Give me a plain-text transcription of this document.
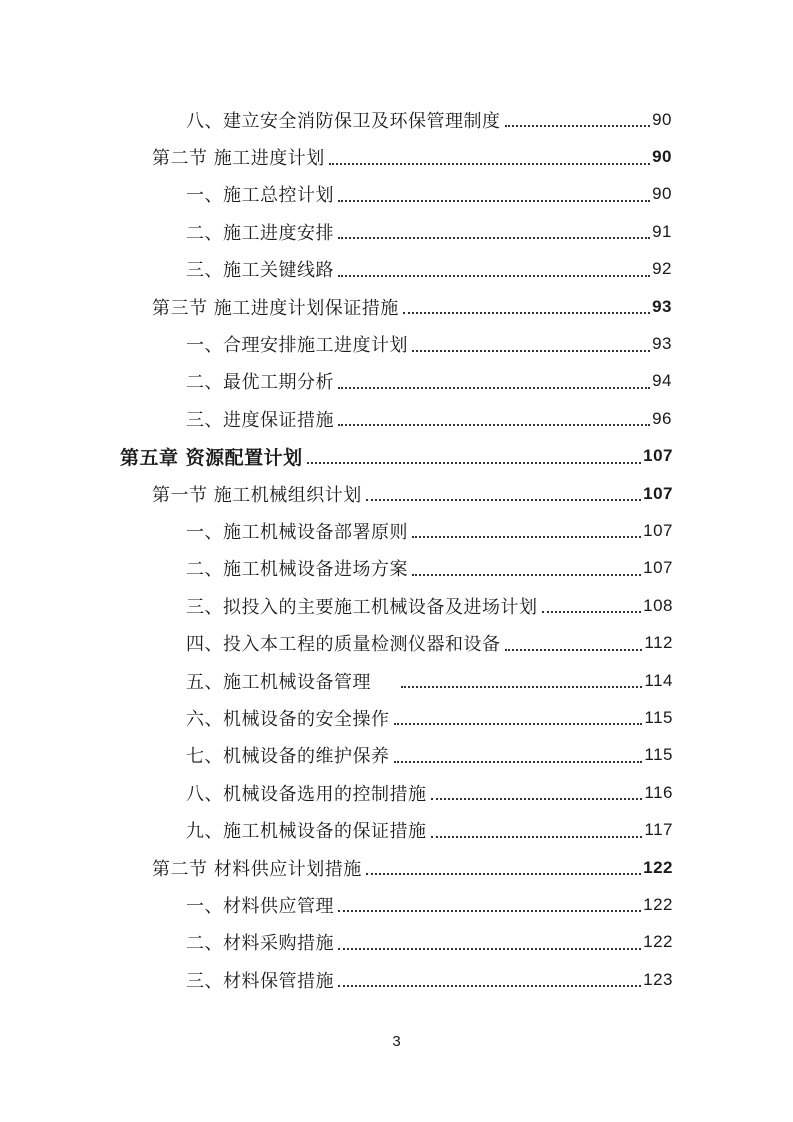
八、建立安全消防保卫及环保管理制度	90
第二节 施工进度计划	90
一、施工总控计划	90
二、施工进度安排	91
三、施工关键线路	92
第三节 施工进度计划保证措施	93
一、合理安排施工进度计划	93
二、最优工期分析	94
三、进度保证措施	96
第五章 资源配置计划	107
第一节 施工机械组织计划	107
一、施工机械设备部署原则	107
二、施工机械设备进场方案	107
三、拟投入的主要施工机械设备及进场计划	108
四、投入本工程的质量检测仪器和设备	112
五、施工机械设备管理	114
六、机械设备的安全操作	115
七、机械设备的维护保养	115
八、机械设备选用的控制措施	116
九、施工机械设备的保证措施	117
第二节 材料供应计划措施	122
一、材料供应管理	122
二、材料采购措施	122
三、材料保管措施	123
3
